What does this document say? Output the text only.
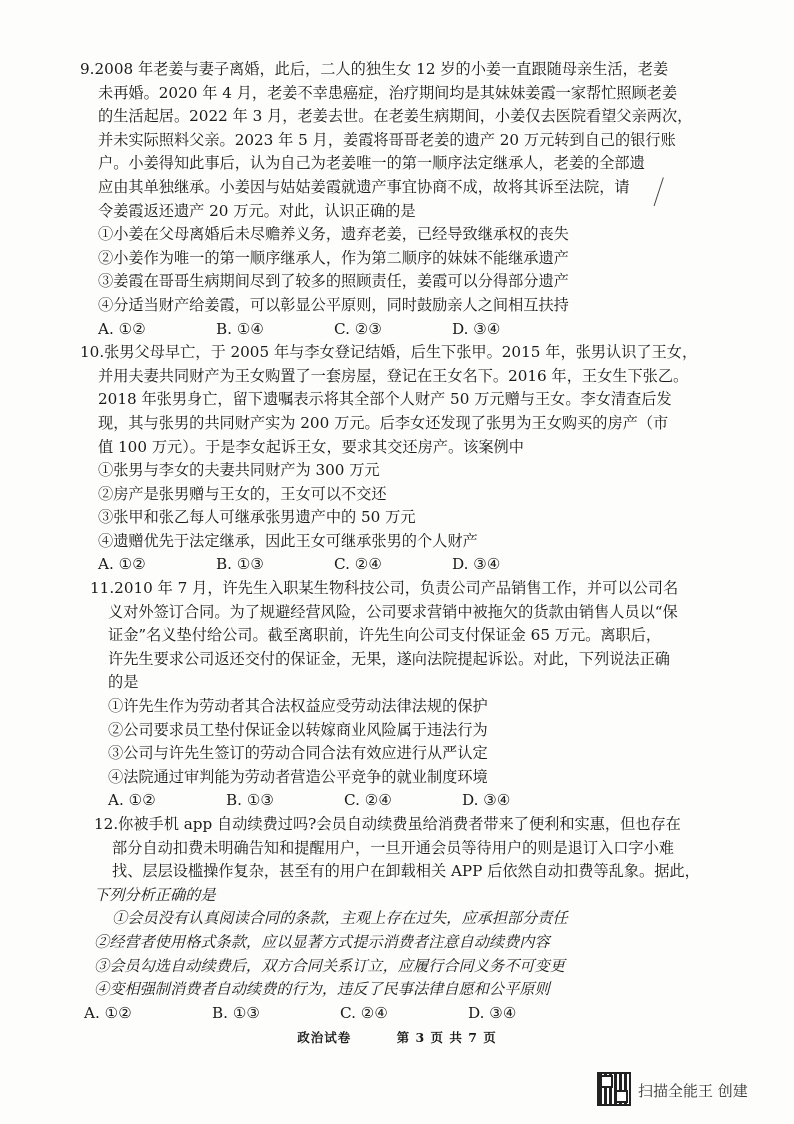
9.2008 年老姜与妻子离婚，此后，二人的独生女 12 岁的小姜一直跟随母亲生活，老姜
未再婚。2020 年 4 月，老姜不幸患癌症，治疗期间均是其妹妹姜霞一家帮忙照顾老姜
的生活起居。2022 年 3 月，老姜去世。在老姜生病期间，小姜仅去医院看望父亲两次，
并未实际照料父亲。2023 年 5 月，姜霞将哥哥老姜的遗产 20 万元转到自己的银行账
户。小姜得知此事后，认为自己为老姜唯一的第一顺序法定继承人，老姜的全部遗
应由其单独继承。小姜因与姑姑姜霞就遗产事宜协商不成，故将其诉至法院，请
令姜霞返还遗产 20 万元。对此，认识正确的是
①小姜在父母离婚后未尽赡养义务，遗弃老姜，已经导致继承权的丧失
②小姜作为唯一的第一顺序继承人，作为第二顺序的妹妹不能继承遗产
③姜霞在哥哥生病期间尽到了较多的照顾责任，姜霞可以分得部分遗产
④分适当财产给姜霞，可以彰显公平原则，同时鼓励亲人之间相互扶持
A. ①②	B. ①④	C. ②③	D. ③④
10.张男父母早亡，于 2005 年与李女登记结婚，后生下张甲。2015 年，张男认识了王女，
并用夫妻共同财产为王女购置了一套房屋，登记在王女名下。2016 年，王女生下张乙。
2018 年张男身亡，留下遗嘱表示将其全部个人财产 50 万元赠与王女。李女清查后发
现，其与张男的共同财产实为 200 万元。后李女还发现了张男为王女购买的房产（市
值 100 万元）。于是李女起诉王女，要求其交还房产。该案例中
①张男与李女的夫妻共同财产为 300 万元
②房产是张男赠与王女的，王女可以不交还
③张甲和张乙每人可继承张男遗产中的 50 万元
④遗赠优先于法定继承，因此王女可继承张男的个人财产
A. ①②	B. ①③	C. ②④	D. ③④
11.2010 年 7 月，许先生入职某生物科技公司，负责公司产品销售工作，并可以公司名
义对外签订合同。为了规避经营风险，公司要求营销中被拖欠的货款由销售人员以“保
证金”名义垫付给公司。截至离职前，许先生向公司支付保证金 65 万元。离职后，
许先生要求公司返还交付的保证金，无果，遂向法院提起诉讼。对此，下列说法正确
的是
①许先生作为劳动者其合法权益应受劳动法律法规的保护
②公司要求员工垫付保证金以转嫁商业风险属于违法行为
③公司与许先生签订的劳动合同合法有效应进行从严认定
④法院通过审判能为劳动者营造公平竞争的就业制度环境
A. ①②	B. ①③	C. ②④	D. ③④
12.你被手机 app 自动续费过吗?会员自动续费虽给消费者带来了便利和实惠，但也存在
部分自动扣费未明确告知和提醒用户，一旦开通会员等待用户的则是退订入口字小难
找、层层设槛操作复杂，甚至有的用户在卸载相关 APP 后依然自动扣费等乱象。据此，
下列分析正确的是
①会员没有认真阅读合同的条款，主观上存在过失，应承担部分责任
②经营者使用格式条款，应以显著方式提示消费者注意自动续费内容
③会员勾选自动续费后，双方合同关系订立，应履行合同义务不可变更
④变相强制消费者自动续费的行为，违反了民事法律自愿和公平原则
A. ①②	B. ①③	C. ②④	D. ③④
政治试卷	第 3 页 共 7 页
扫描全能王 创建
